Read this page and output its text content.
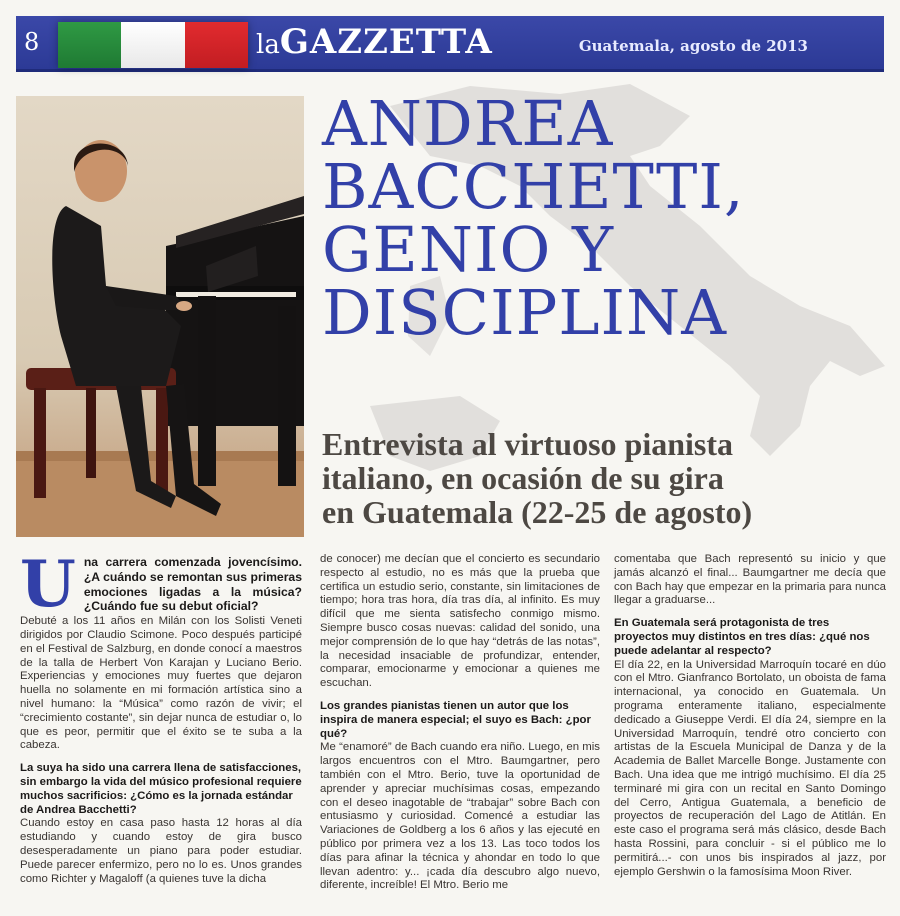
8	laGAZZETTA	Guatemala, agosto de 2013
ANDREA
BACCHETTI,
GENIO Y
DISCIPLINA
Entrevista al virtuoso pianista
italiano, en ocasión de su gira
en Guatemala (22-25 de agosto)

Una carrera comenzada jovencísimo. ¿A cuándo se remontan sus primeras emociones ligadas a la música? ¿Cuándo fue su debut oficial?

Debuté a los 11 años en Milán con los Solisti Veneti dirigidos por Claudio Scimone. Poco después participé en el Festival de Salzburg, en donde conocí a maestros de la talla de Herbert Von Karajan y Luciano Berio. Experiencias y emociones muy fuertes que dejaron huella no solamente en mi formación artística sino a nivel humano: la “Música” como razón de vivir; el “crecimiento costante”, sin dejar nunca de estudiar o, lo que es peor, permitir que el éxito se te suba a la cabeza.

La suya ha sido una carrera llena de satisfacciones, sin embargo la vida del músico profesional requiere muchos sacrificios: ¿Cómo es la jornada estándar de Andrea Bacchetti?

Cuando estoy en casa paso hasta 12 horas al día estudiando y cuando estoy de gira busco desesperadamente un piano para poder estudiar. Puede parecer enfermizo, pero no lo es. Unos grandes como Richter y Magaloff (a quienes tuve la dicha

de conocer) me decían que el concierto es secundario respecto al estudio, no es más que la prueba que certifica un estudio serio, constante, sin limitaciones de tiempo; hora tras hora, día tras día, al infinito. Es muy difícil que me sienta satisfecho conmigo mismo. Siempre busco cosas nuevas: calidad del sonido, una mejor comprensión de lo que hay “detrás de las notas”, la necesidad insaciable de profundizar, entender, comparar, emocionarme y emocionar a quienes me escuchan.

Los grandes pianistas tienen un autor que los inspira de manera especial; el suyo es Bach: ¿por qué?

Me “enamoré” de Bach cuando era niño. Luego, en mis largos encuentros con el Mtro. Baumgartner, pero también con el Mtro. Berio, tuve la oportunidad de aprender y apreciar muchísimas cosas, empezando con el deseo inagotable de “trabajar” sobre Bach con entusiasmo y curiosidad. Comencé a estudiar las Variaciones de Goldberg a los 6 años y las ejecuté en público por primera vez a los 13. Las toco todos los días para afinar la técnica y ahondar en todo lo que llevan adentro: y... ¡cada día descubro algo nuevo, diferente, increíble! El Mtro. Berio me

comentaba que Bach representó su inicio y que jamás alcanzó el final... Baumgartner me decía que con Bach hay que empezar en la primaria para nunca llegar a graduarse...

En Guatemala será protagonista de tres proyectos muy distintos en tres días: ¿qué nos puede adelantar al respecto?

El día 22, en la Universidad Marroquín tocaré en dúo con el Mtro. Gianfranco Bortolato, un oboista de fama internacional, ya conocido en Guatemala. Un programa enteramente italiano, especialmente dedicado a Giuseppe Verdi. El día 24, siempre en la Universidad Marroquín, tendré otro concierto con artistas de la Escuela Municipal de Danza y de la Academia de Ballet Marcelle Bonge. Justamente con Bach. Una idea que me intrigó muchísimo. El día 25 terminaré mi gira con un recital en Santo Domingo del Cerro, Antigua Guatemala, a beneficio de proyectos de recuperación del Lago de Atitlán. En este caso el programa será más clásico, desde Bach hasta Rossini, para concluir - si el público me lo permitirá...- con unos bis inspirados al jazz, por ejemplo Gershwin o la famosísima Moon River.
